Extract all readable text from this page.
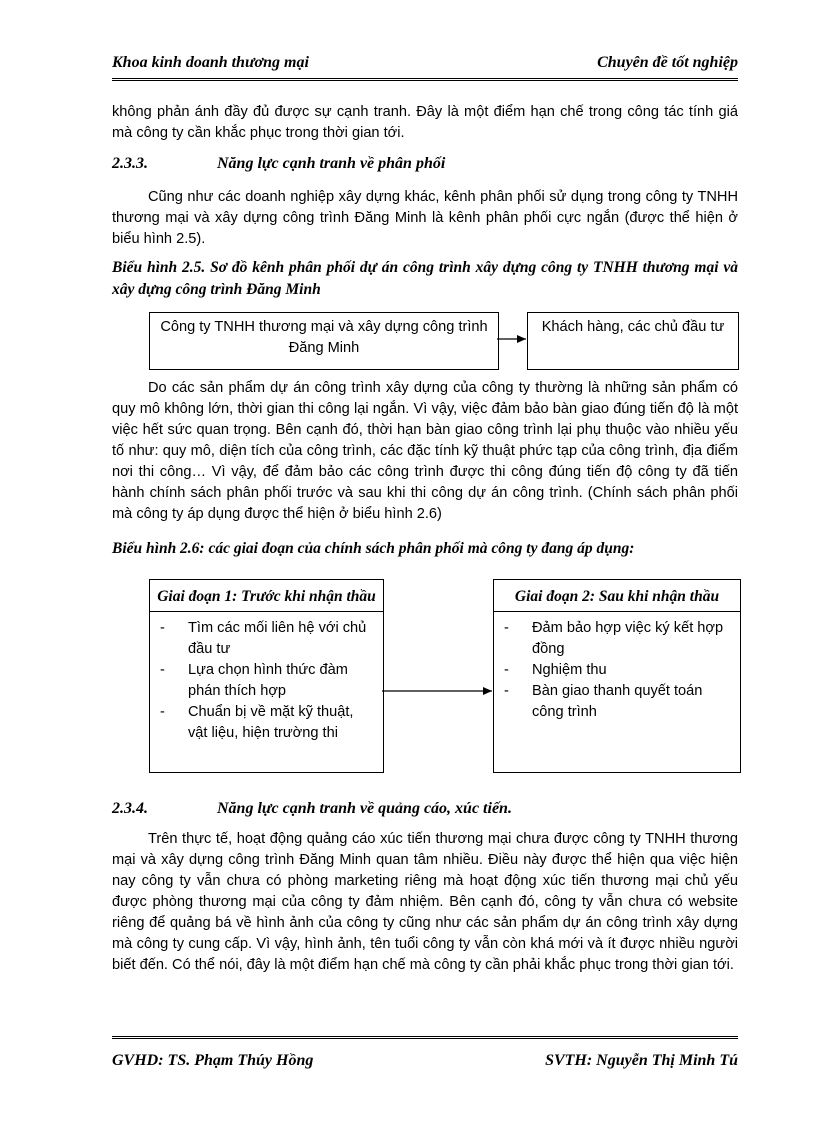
Khoa kinh doanh thương mại	Chuyên đề tốt nghiệp

không phản ánh đầy đủ được sự cạnh tranh. Đây là một điểm hạn chế trong công tác tính giá mà công ty cần khắc phục trong thời gian tới.

2.3.3.	Năng lực cạnh tranh về phân phối

Cũng như các doanh nghiệp xây dựng khác, kênh phân phối sử dụng trong công ty TNHH thương mại và xây dựng công trình Đăng Minh là kênh phân phối cực ngắn (được thể hiện ở biểu hình 2.5).

Biểu hình 2.5. Sơ đồ kênh phân phối dự án công trình xây dựng công ty TNHH thương mại và xây dựng công trình Đăng Minh

Công ty TNHH thương mại và xây dựng công trình Đăng Minh
Khách hàng, các chủ đầu tư

Do các sản phẩm dự án công trình xây dựng của công ty thường là những sản phẩm có quy mô không lớn, thời gian thi công lại ngắn. Vì vậy, việc đảm bảo bàn giao đúng tiến độ là một việc hết sức quan trọng. Bên cạnh đó, thời hạn bàn giao công trình lại phụ thuộc vào nhiều yếu tố như: quy mô, diện tích của công trình, các đặc tính kỹ thuật phức tạp của công trình, địa điểm nơi thi công… Vì vậy, để đảm bảo các công trình được thi công đúng tiến độ công ty đã tiến hành chính sách phân phối trước và sau khi thi công dự án công trình. (Chính sách phân phối mà công ty áp dụng được thể hiện ở biểu hình 2.6)

Biểu hình 2.6: các giai đoạn của chính sách phân phối mà công ty đang áp dụng:

Giai đoạn 1: Trước khi nhận thầu
- Tìm các mối liên hệ với chủ đầu tư
- Lựa chọn hình thức đàm phán thích hợp
- Chuẩn bị về mặt kỹ thuật, vật liệu, hiện trường thi
Giai đoạn 2: Sau khi nhận thầu
- Đảm bảo hợp việc ký kết hợp đồng
- Nghiệm thu
- Bàn giao thanh quyết toán công trình
2.3.4.	Năng lực cạnh tranh về quảng cáo, xúc tiến.

Trên thực tế, hoạt động quảng cáo xúc tiến thương mại chưa được công ty TNHH thương mại và xây dựng công trình Đăng Minh quan tâm nhiều. Điều này được thể hiện qua việc hiện nay công ty vẫn chưa có phòng marketing riêng mà hoạt động xúc tiến thương mại chủ yếu được phòng thương mại của công ty đảm nhiệm. Bên cạnh đó, công ty vẫn chưa có website riêng để quảng bá về hình ảnh của công ty cũng như các sản phẩm dự án công trình xây dựng mà công ty cung cấp. Vì vậy, hình ảnh, tên tuổi công ty vẫn còn khá mới và ít được nhiều người biết đến. Có thể nói, đây là một điểm hạn chế mà công ty cần phải khắc phục trong thời gian tới.

GVHD: TS. Phạm Thúy Hồng	SVTH: Nguyễn Thị Minh Tú
